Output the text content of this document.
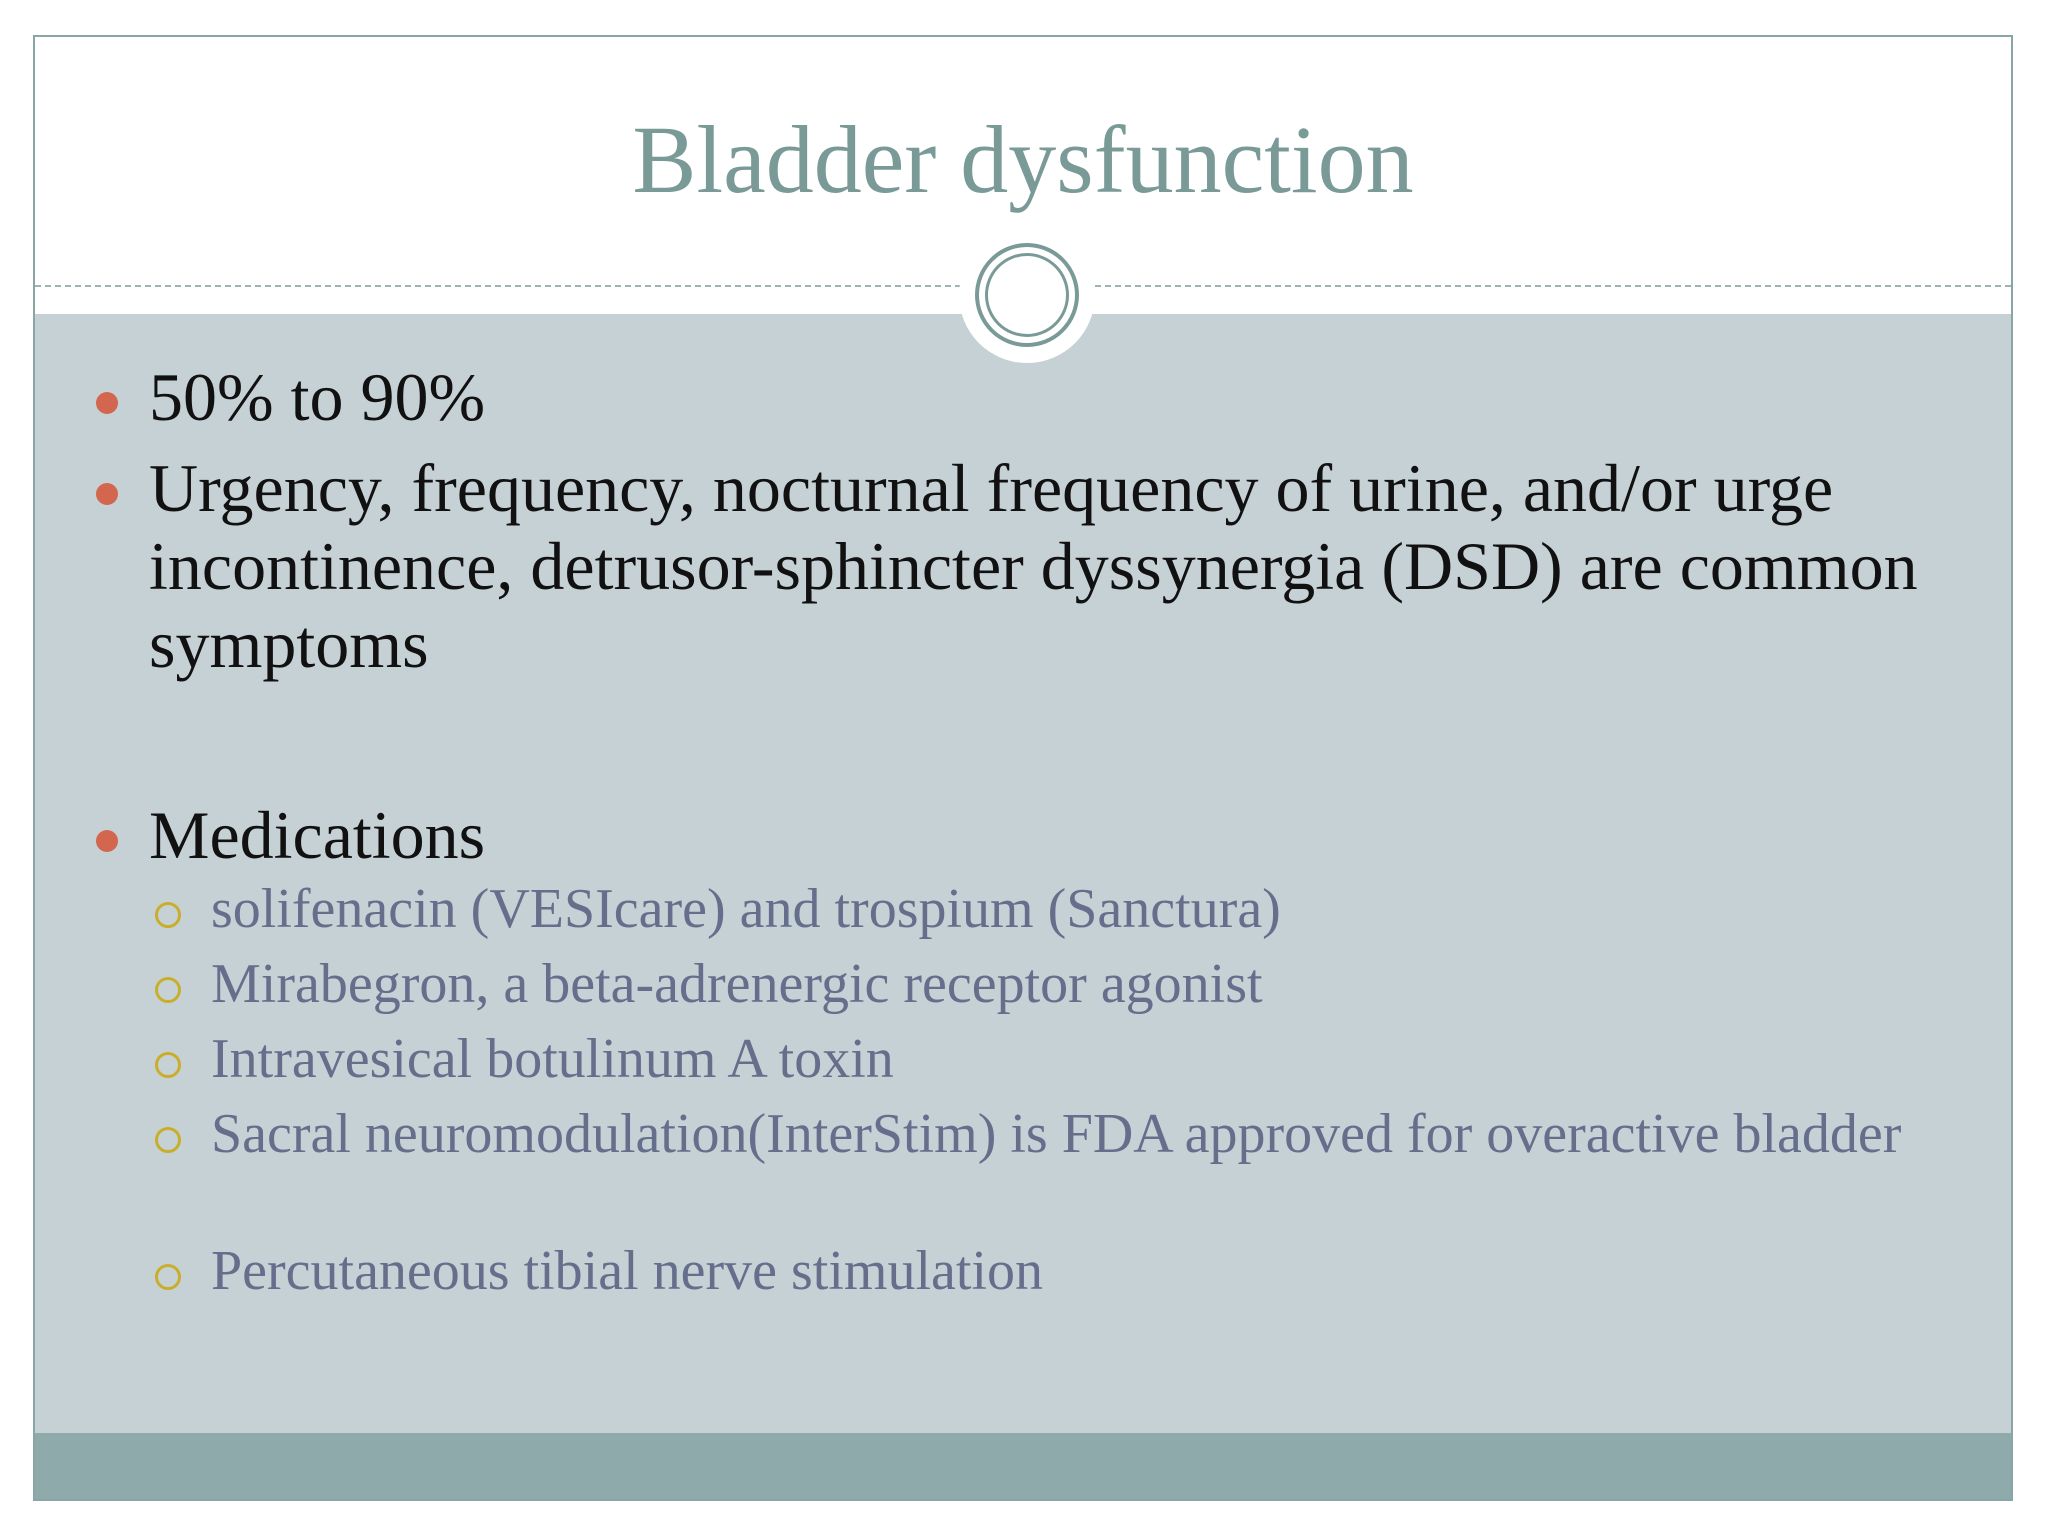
Bladder dysfunction
50% to 90%
Urgency, frequency, nocturnal frequency of urine, and/or urge incontinence, detrusor-sphincter dyssynergia (DSD) are common symptoms
Medications
solifenacin (VESIcare) and trospium (Sanctura)
Mirabegron, a beta-adrenergic receptor agonist
Intravesical botulinum A toxin
Sacral neuromodulation(InterStim) is FDA approved for overactive bladder
Percutaneous tibial nerve stimulation
